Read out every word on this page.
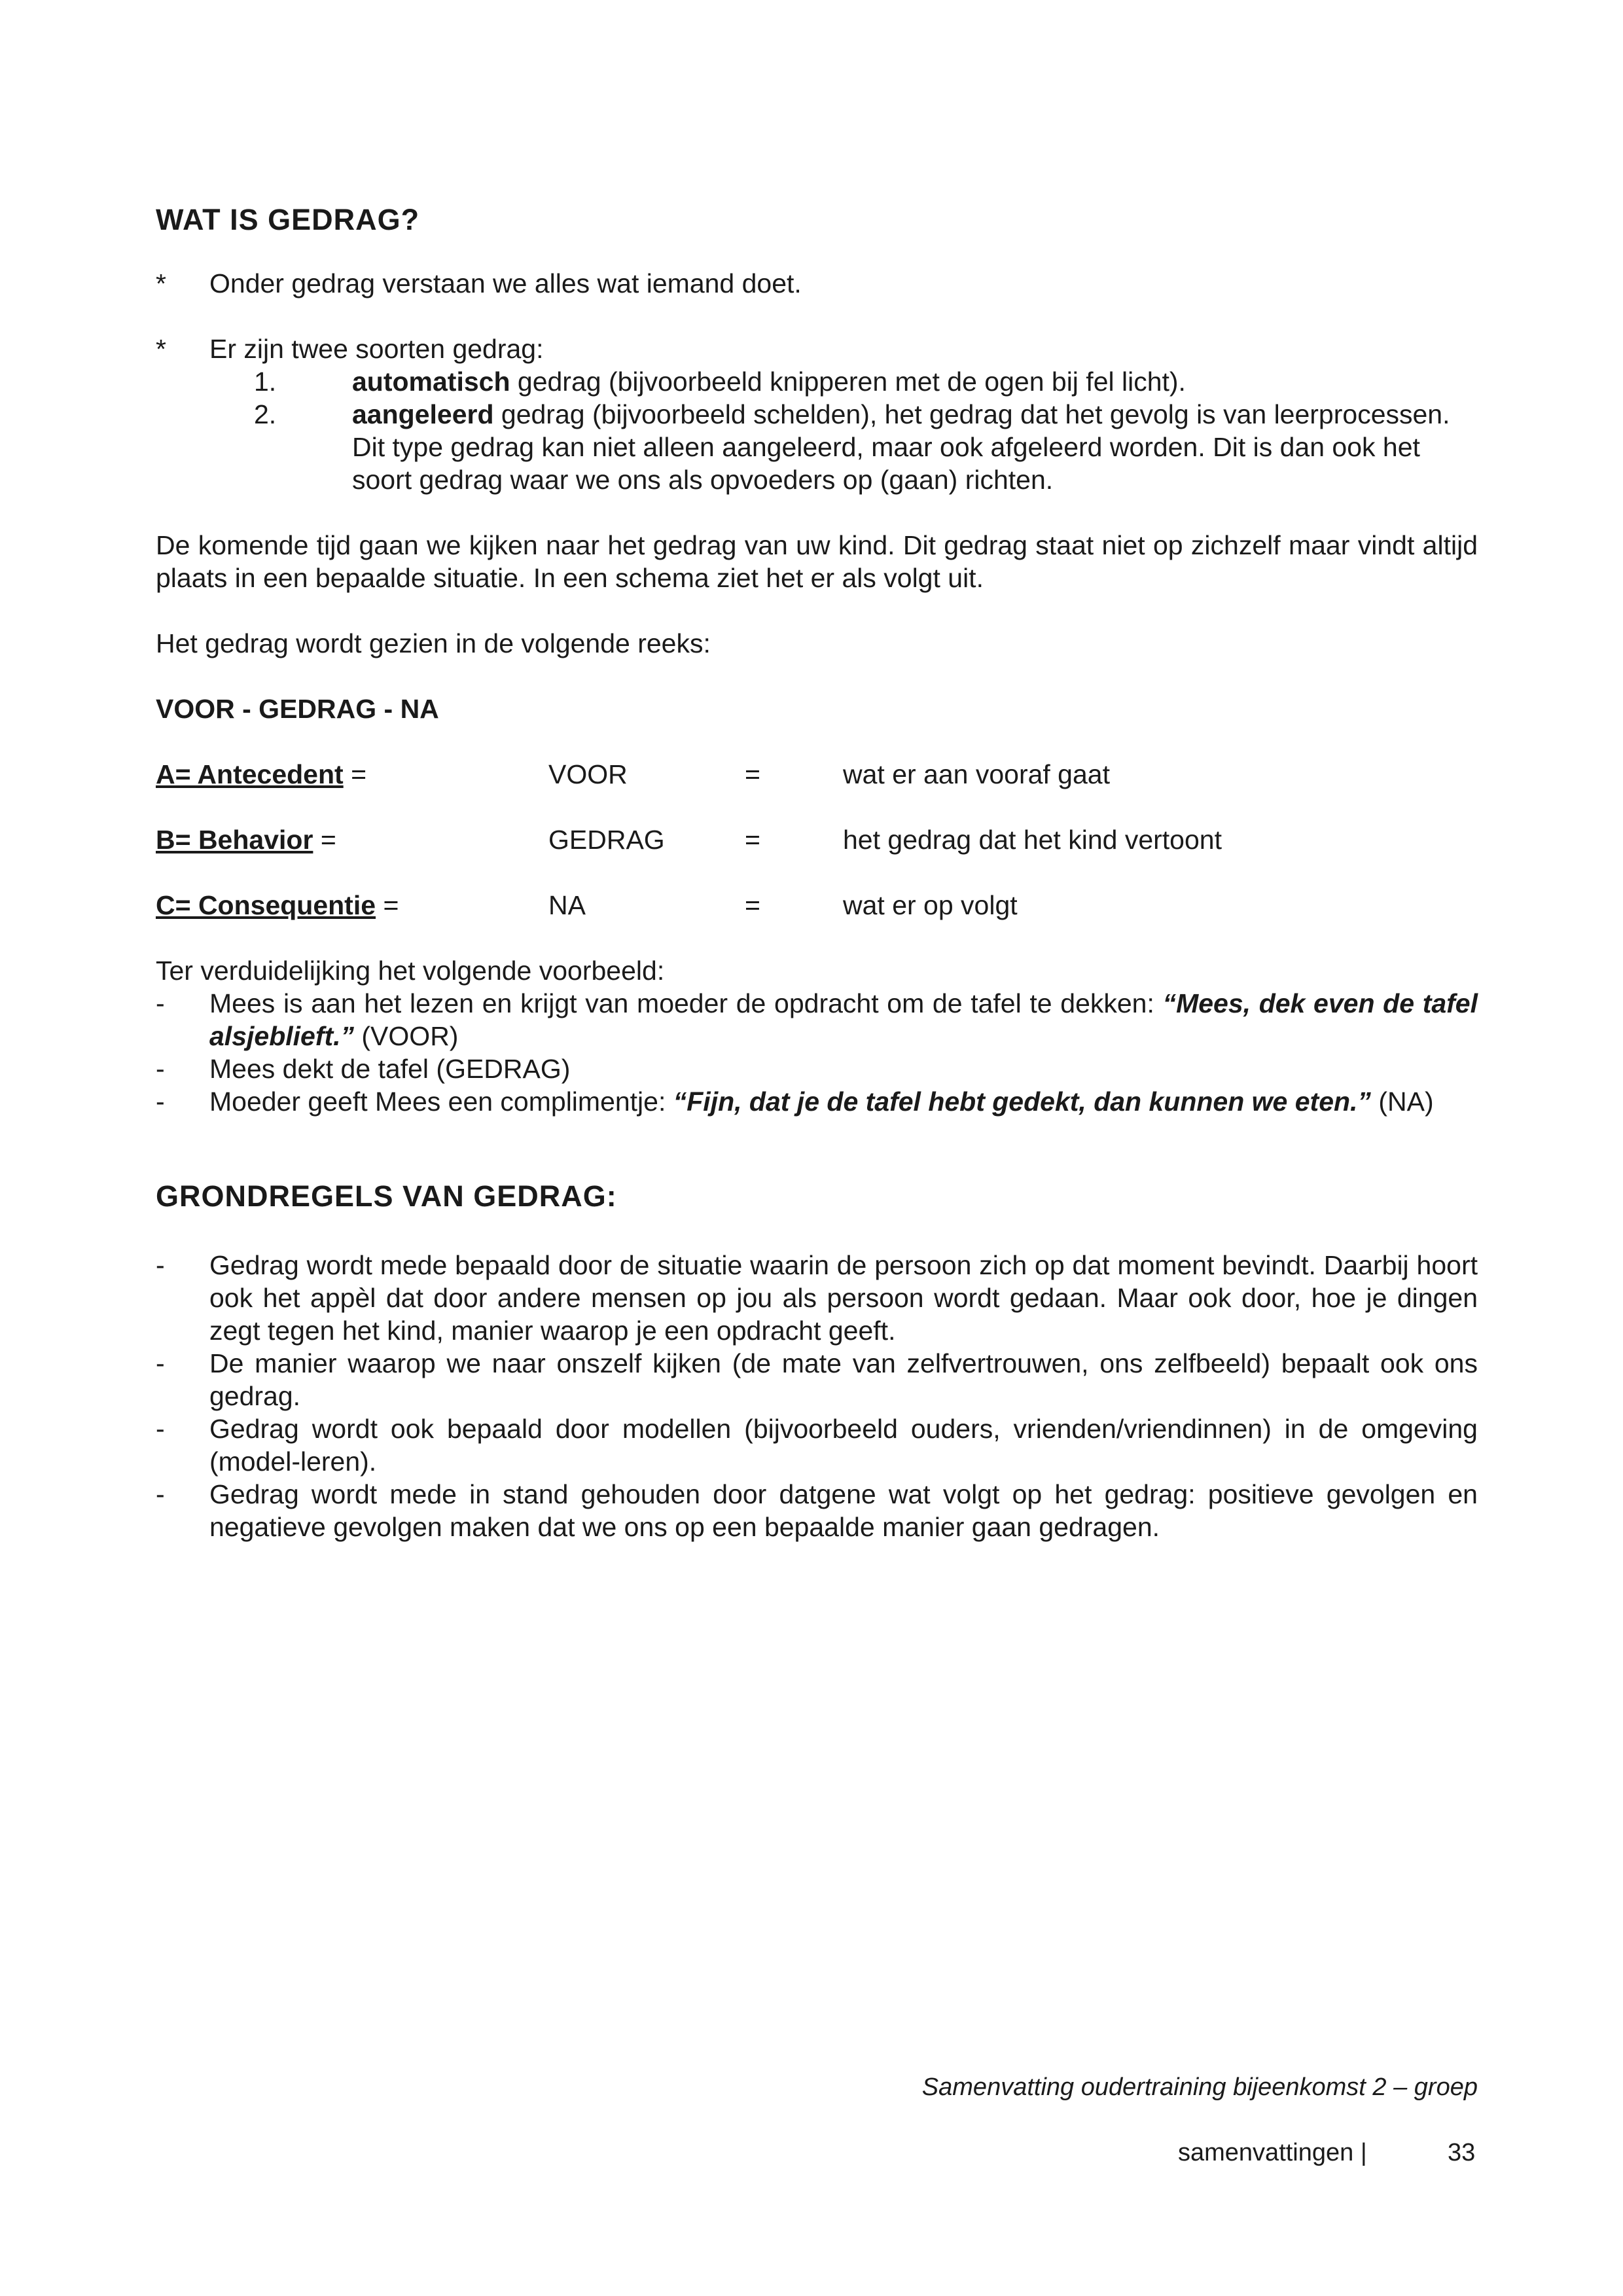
WAT IS GEDRAG?
* Onder gedrag verstaan we alles wat iemand doet.
* Er zijn twee soorten gedrag:
1.	automatisch gedrag (bijvoorbeeld knipperen met de ogen bij fel licht).
2.	aangeleerd gedrag (bijvoorbeeld schelden), het gedrag dat het gevolg is van leerprocessen. Dit type gedrag kan niet alleen aangeleerd, maar ook afgeleerd worden. Dit is dan ook het soort gedrag waar we ons als opvoeders op (gaan) richten.
De komende tijd gaan we kijken naar het gedrag van uw kind. Dit gedrag staat niet op zichzelf maar vindt altijd plaats in een bepaalde situatie. In een schema ziet het er als volgt uit.
Het gedrag wordt gezien in de volgende reeks:
VOOR - GEDRAG - NA
A= Antecedent =	VOOR	=	wat er aan vooraf gaat
B= Behavior =	GEDRAG	=	het gedrag dat het kind vertoont
C= Consequentie =	NA	=	wat er op volgt
Ter verduidelijking het volgende voorbeeld:
- Mees is aan het lezen en krijgt van moeder de opdracht om de tafel te dekken: “Mees, dek even de tafel alsjeblieft.” (VOOR)
- Mees dekt de tafel (GEDRAG)
- Moeder geeft Mees een complimentje: “Fijn, dat je de tafel hebt gedekt, dan kunnen we eten.” (NA)
GRONDREGELS VAN GEDRAG:
- Gedrag wordt mede bepaald door de situatie waarin de persoon zich op dat moment bevindt. Daarbij hoort ook het appèl dat door andere mensen op jou als persoon wordt gedaan. Maar ook door, hoe je dingen zegt tegen het kind, manier waarop je een opdracht geeft.
- De manier waarop we naar onszelf kijken (de mate van zelfvertrouwen, ons zelfbeeld) bepaalt ook ons gedrag.
- Gedrag wordt ook bepaald door modellen (bijvoorbeeld ouders, vrienden/vriendinnen) in de omgeving (model-leren).
- Gedrag wordt mede in stand gehouden door datgene wat volgt op het gedrag: positieve gevolgen en negatieve gevolgen maken dat we ons op een bepaalde manier gaan gedragen.
Samenvatting oudertraining bijeenkomst 2 – groep
samenvattingen |	33
